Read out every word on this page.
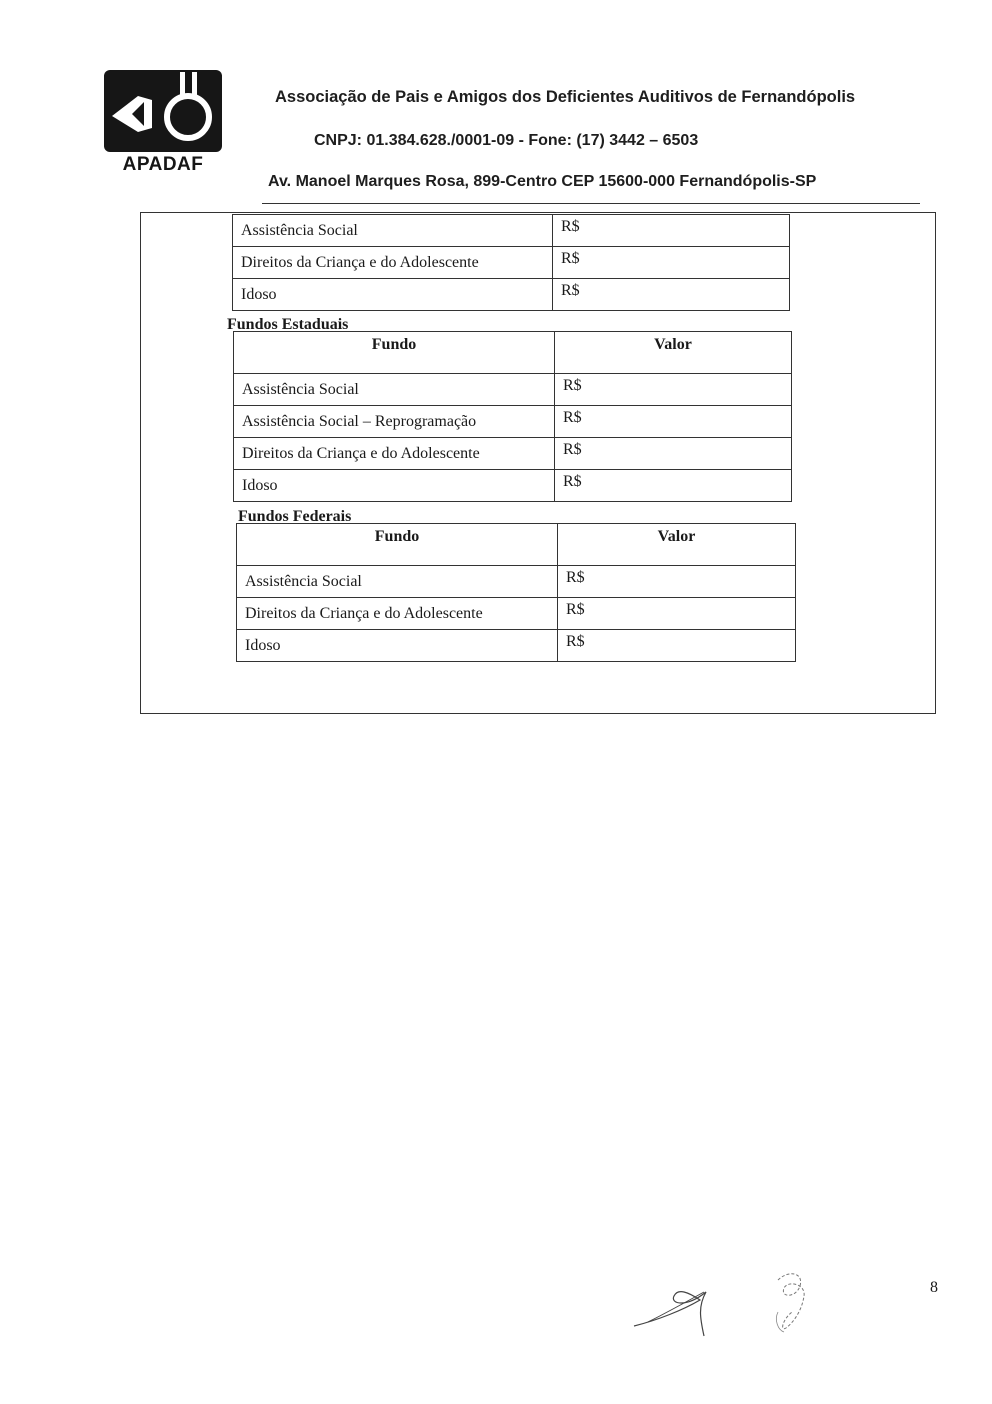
APADAF
Associação de Pais e Amigos dos Deficientes Auditivos de Fernandópolis
CNPJ: 01.384.628./0001-09 - Fone: (17) 3442 – 6503
Av. Manoel Marques Rosa, 899-Centro CEP 15600-000 Fernandópolis-SP
Assistência Social	R$
Direitos da Criança e do Adolescente	R$
Idoso	R$
Fundos Estaduais
Fundo	Valor
Assistência Social	R$
Assistência Social – Reprogramação	R$
Direitos da Criança e do Adolescente	R$
Idoso	R$
Fundos Federais
Fundo	Valor
Assistência Social	R$
Direitos da Criança e do Adolescente	R$
Idoso	R$
8
